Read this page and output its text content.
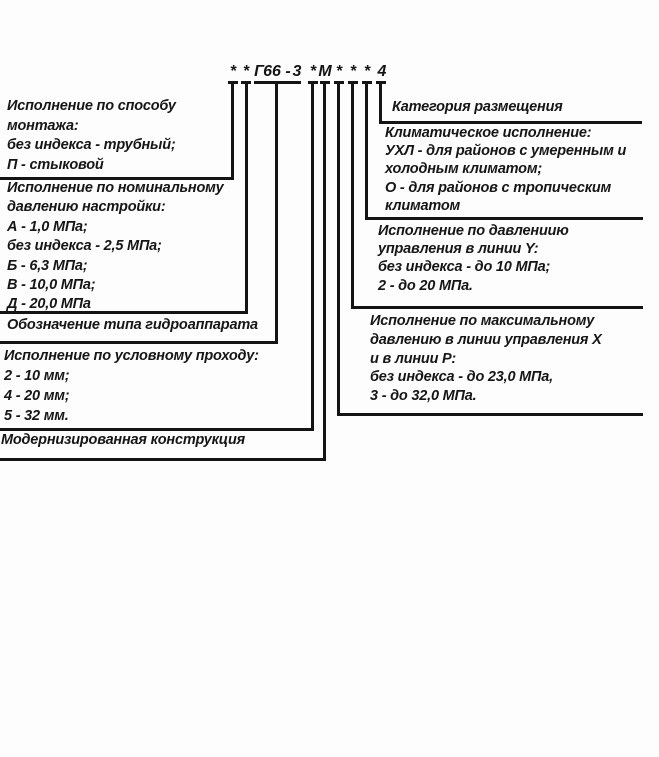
* * Г 66 - 3 * М * * * 4
Исполнение по способу
монтажа:
без индекса - трубный;
П - стыковой
Исполнение по номинальному
давлению настройки:
А - 1,0 МПа;
без индекса - 2,5 МПа;
Б - 6,3 МПа;
В - 10,0 МПа;
Д - 20,0 МПа
Обозначение типа гидроаппарата
Исполнение по условному проходу:
2 - 10 мм;
4 - 20 мм;
5 - 32 мм.
Модернизированная конструкция
Категория размещения
Климатическое исполнение:
УХЛ - для районов с умеренным и
холодным климатом;
О - для районов с тропическим
климатом
Исполнение по давлениию
управления в линии Y:
без индекса - до 10 МПа;
2 - до 20 МПа.
Исполнение по максимальному
давлению в линии управления Х
и в линии Р:
без индекса - до 23,0 МПа,
3 - до 32,0 МПа.
